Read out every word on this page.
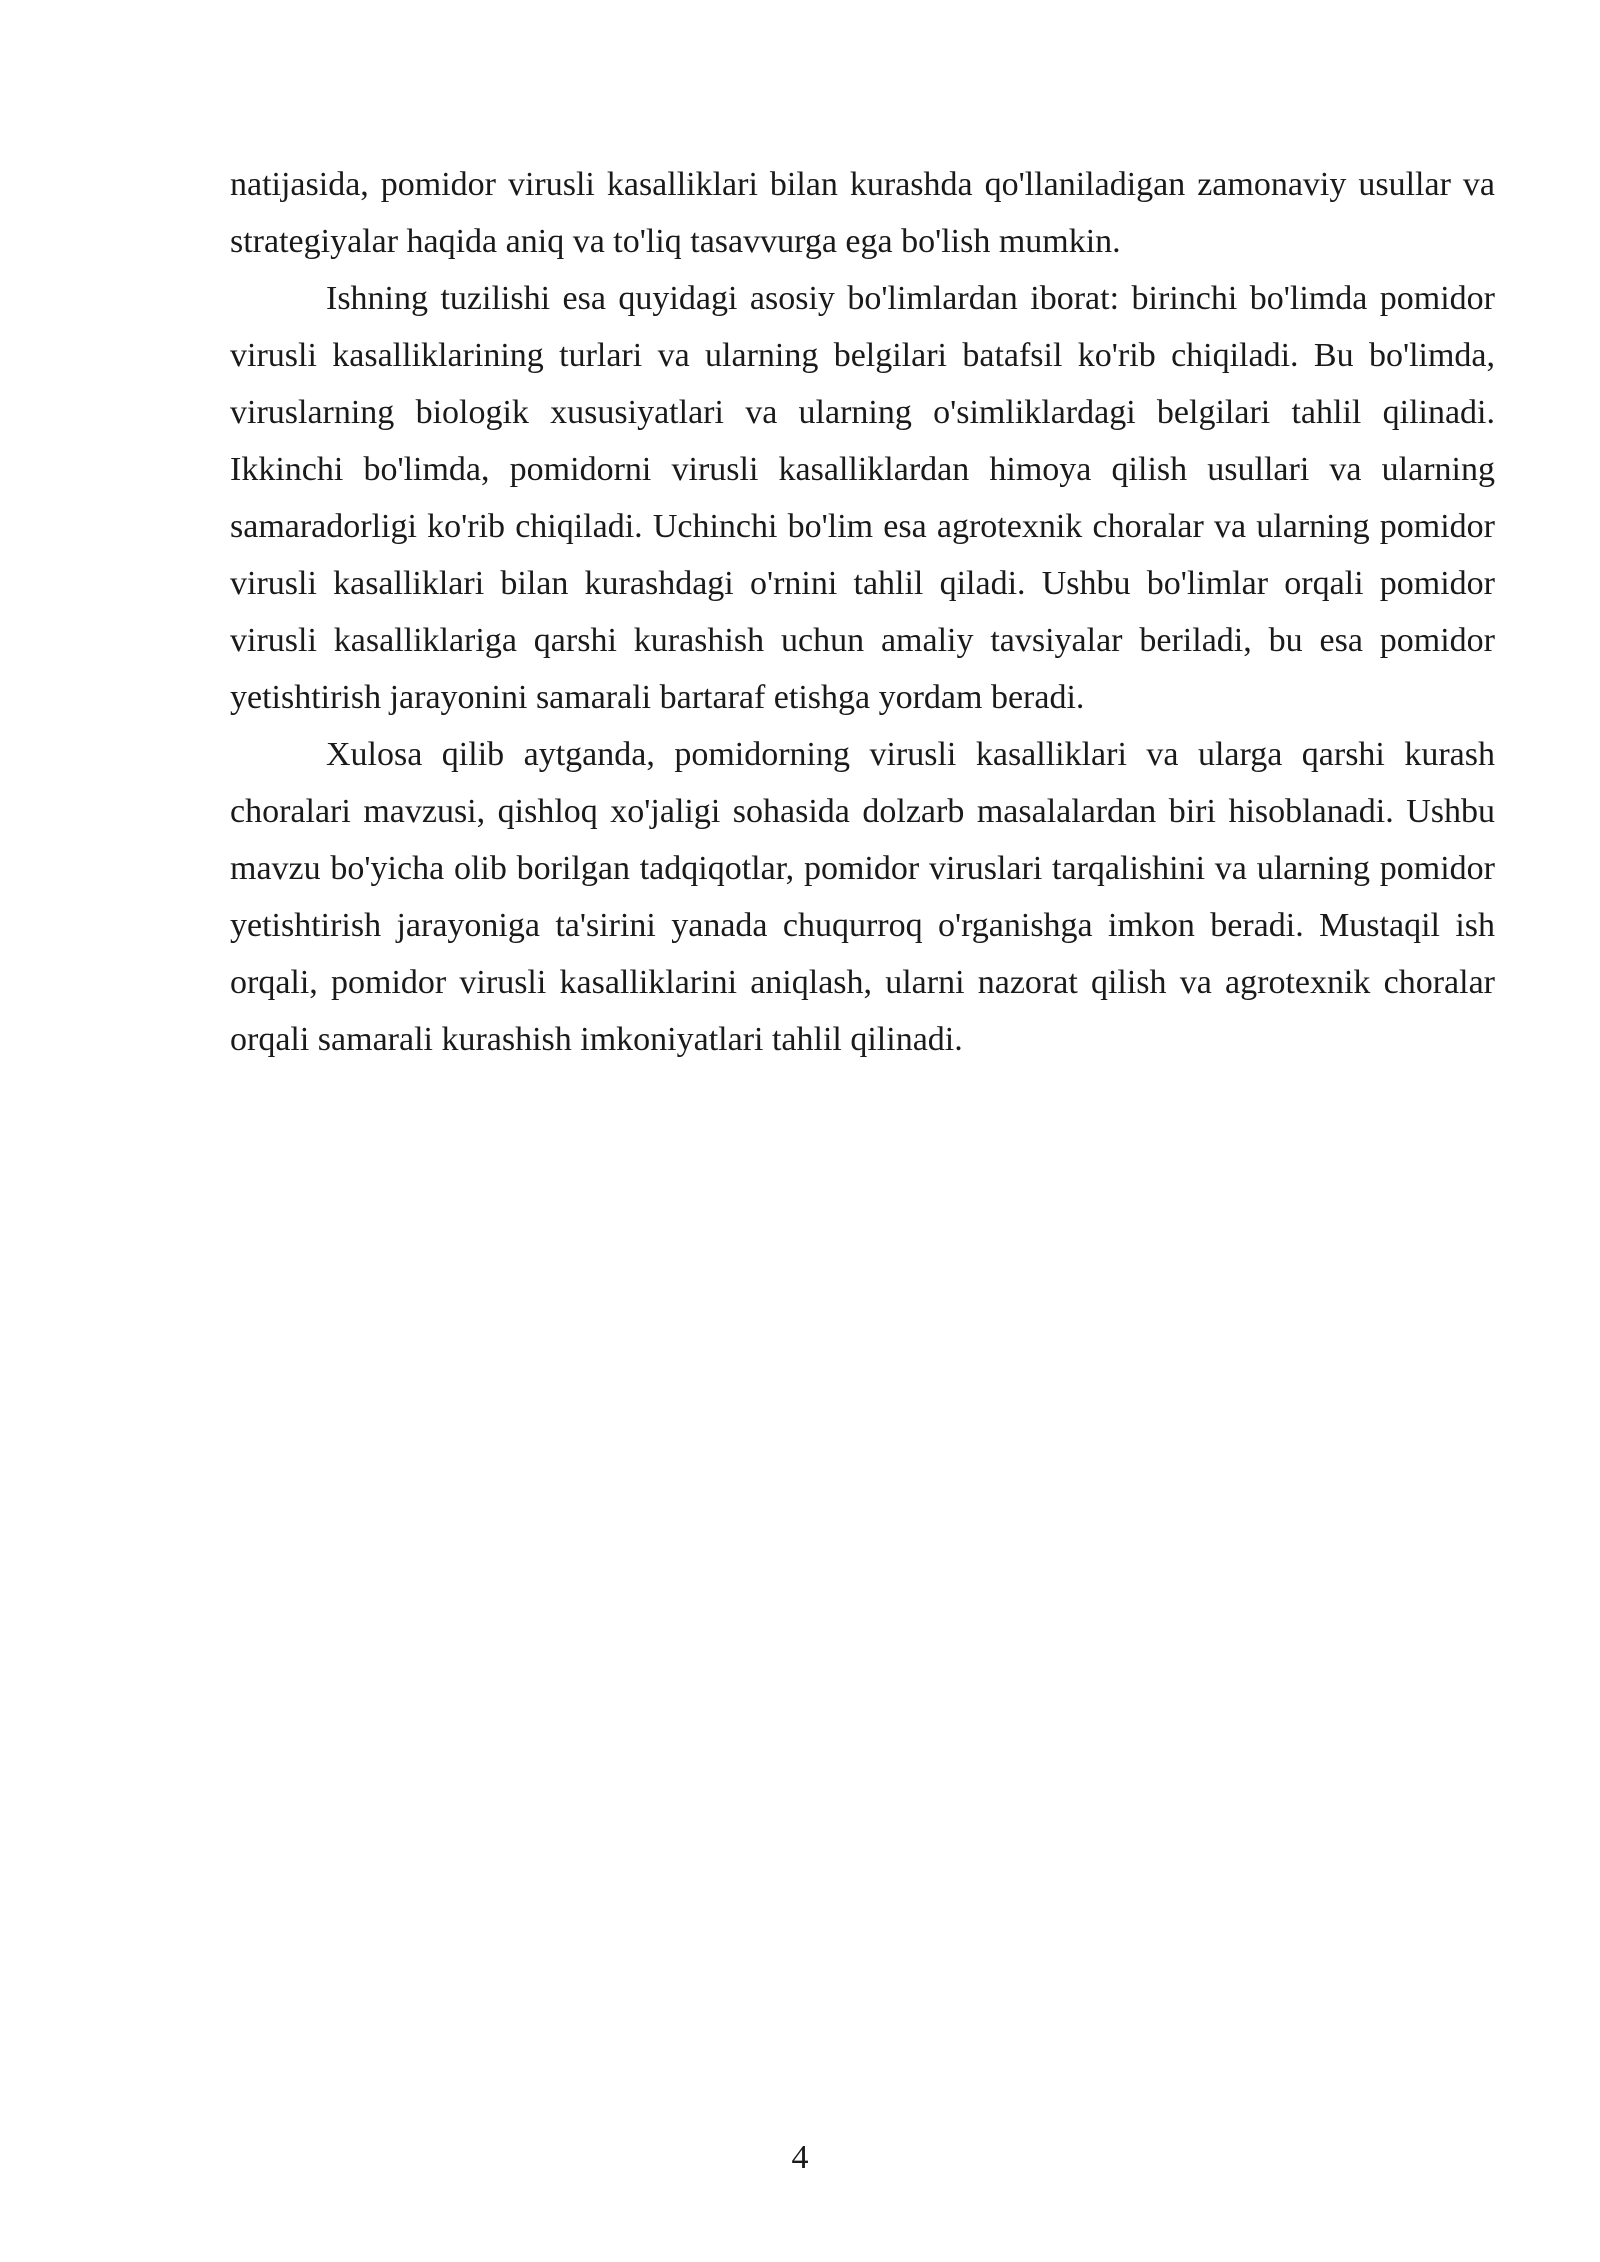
natijasida, pomidor virusli kasalliklari bilan kurashda qo'llaniladigan zamonaviy usullar va strategiyalar haqida aniq va to'liq tasavvurga ega bo'lish mumkin.

Ishning tuzilishi esa quyidagi asosiy bo'limlardan iborat: birinchi bo'limda pomidor virusli kasalliklarining turlari va ularning belgilari batafsil ko'rib chiqiladi. Bu bo'limda, viruslarning biologik xususiyatlari va ularning o'simliklardagi belgilari tahlil qilinadi. Ikkinchi bo'limda, pomidorni virusli kasalliklardan himoya qilish usullari va ularning samaradorligi ko'rib chiqiladi. Uchinchi bo'lim esa agrotexnik choralar va ularning pomidor virusli kasalliklari bilan kurashdagi o'rnini tahlil qiladi. Ushbu bo'limlar orqali pomidor virusli kasalliklariga qarshi kurashish uchun amaliy tavsiyalar beriladi, bu esa pomidor yetishtirish jarayonini samarali bartaraf etishga yordam beradi.

Xulosa qilib aytganda, pomidorning virusli kasalliklari va ularga qarshi kurash choralari mavzusi, qishloq xo'jaligi sohasida dolzarb masalalardan biri hisoblanadi. Ushbu mavzu bo'yicha olib borilgan tadqiqotlar, pomidor viruslari tarqalishini va ularning pomidor yetishtirish jarayoniga ta'sirini yanada chuqurroq o'rganishga imkon beradi. Mustaqil ish orqali, pomidor virusli kasalliklarini aniqlash, ularni nazorat qilish va agrotexnik choralar orqali samarali kurashish imkoniyatlari tahlil qilinadi.

4
